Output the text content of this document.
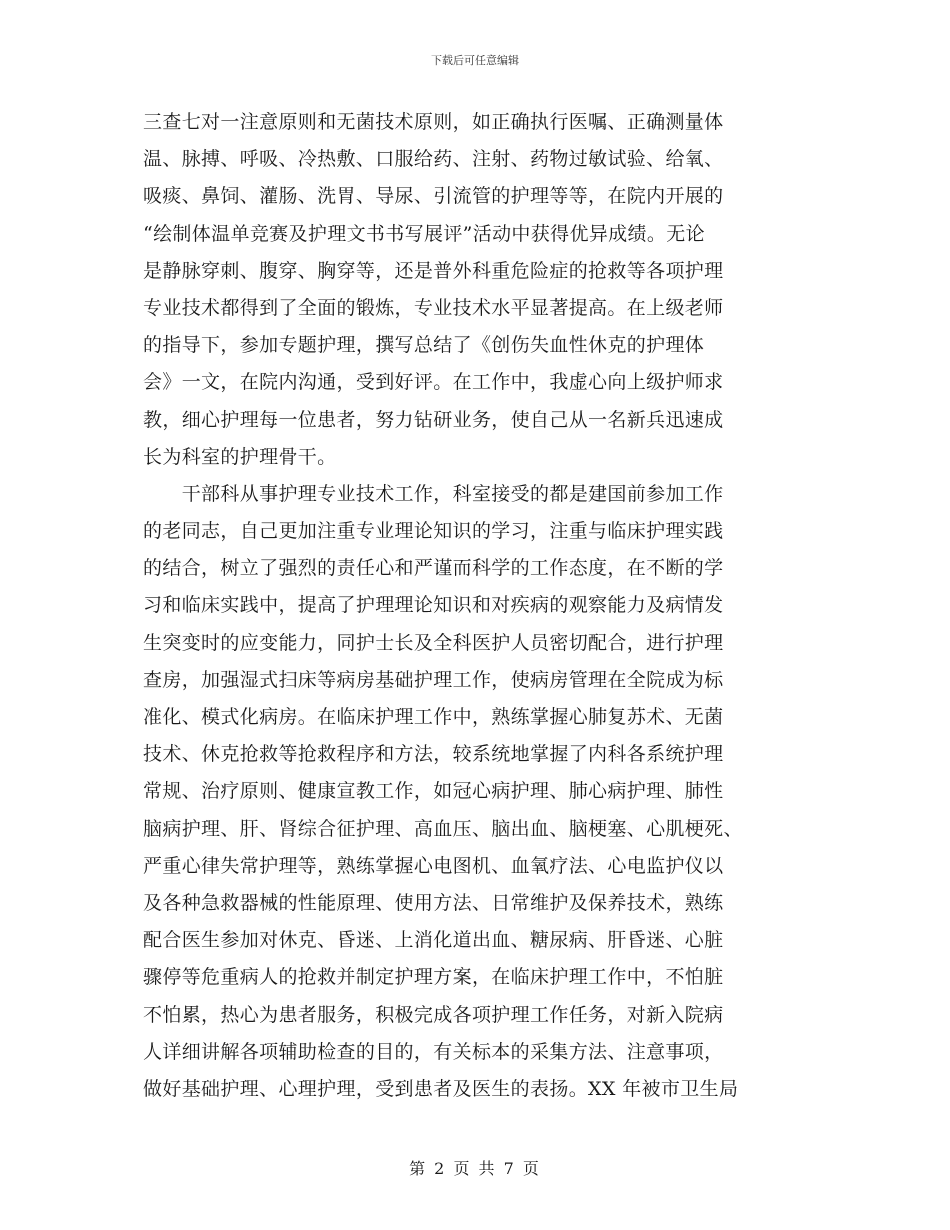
下载后可任意编辑
三查七对一注意原则和无菌技术原则，如正确执行医嘱、正确测量体
温、脉搏、呼吸、冷热敷、口服给药、注射、药物过敏试验、给氧、
吸痰、鼻饲、灌肠、洗胃、导尿、引流管的护理等等，在院内开展的
“绘制体温单竞赛及护理文书书写展评”活动中获得优异成绩。无论
是静脉穿刺、腹穿、胸穿等，还是普外科重危险症的抢救等各项护理
专业技术都得到了全面的锻炼，专业技术水平显著提高。在上级老师
的指导下，参加专题护理，撰写总结了《创伤失血性休克的护理体
会》一文，在院内沟通，受到好评。在工作中，我虚心向上级护师求
教，细心护理每一位患者，努力钻研业务，使自己从一名新兵迅速成
长为科室的护理骨干。
　　干部科从事护理专业技术工作，科室接受的都是建国前参加工作
的老同志，自己更加注重专业理论知识的学习，注重与临床护理实践
的结合，树立了强烈的责任心和严谨而科学的工作态度，在不断的学
习和临床实践中，提高了护理理论知识和对疾病的观察能力及病情发
生突变时的应变能力，同护士长及全科医护人员密切配合，进行护理
查房，加强湿式扫床等病房基础护理工作，使病房管理在全院成为标
准化、模式化病房。在临床护理工作中，熟练掌握心肺复苏术、无菌
技术、休克抢救等抢救程序和方法，较系统地掌握了内科各系统护理
常规、治疗原则、健康宣教工作，如冠心病护理、肺心病护理、肺性
脑病护理、肝、肾综合征护理、高血压、脑出血、脑梗塞、心肌梗死、
严重心律失常护理等，熟练掌握心电图机、血氧疗法、心电监护仪以
及各种急救器械的性能原理、使用方法、日常维护及保养技术，熟练
配合医生参加对休克、昏迷、上消化道出血、糖尿病、肝昏迷、心脏
骤停等危重病人的抢救并制定护理方案，在临床护理工作中，不怕脏
不怕累，热心为患者服务，积极完成各项护理工作任务，对新入院病
人详细讲解各项辅助检查的目的，有关标本的采集方法、注意事项，
做好基础护理、心理护理，受到患者及医生的表扬。XX 年被市卫生局
第 2 页 共 7 页
